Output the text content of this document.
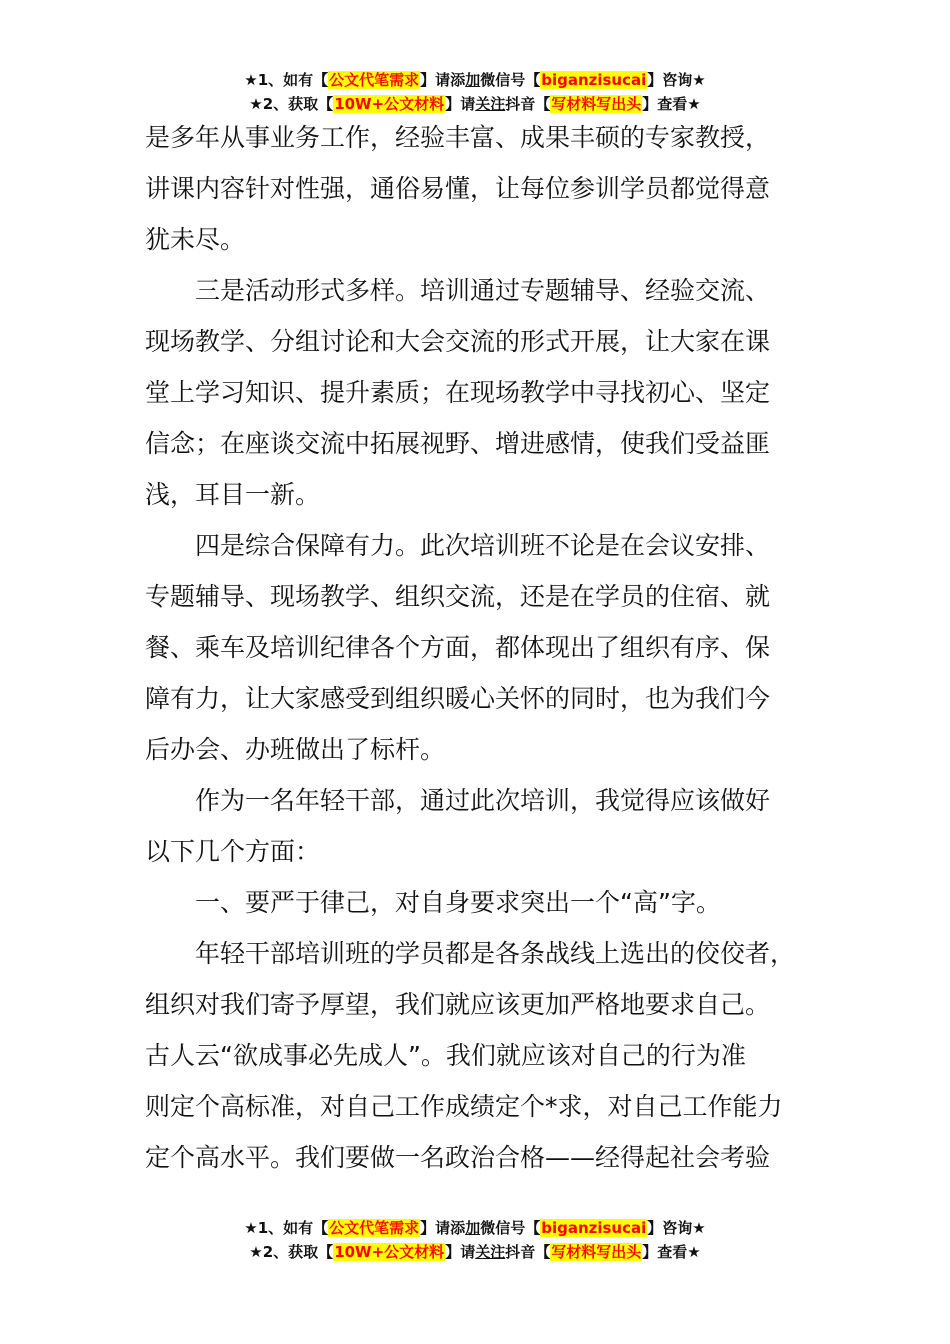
★1、如有【公文代笔需求】请添加微信号【biganzisucai】咨询★
★2、获取【10W+公文材料】请关注抖音【写材料写出头】查看★
是多年从事业务工作，经验丰富、成果丰硕的专家教授，
讲课内容针对性强，通俗易懂，让每位参训学员都觉得意
犹未尽。
三是活动形式多样。培训通过专题辅导、经验交流、
现场教学、分组讨论和大会交流的形式开展，让大家在课
堂上学习知识、提升素质；在现场教学中寻找初心、坚定
信念；在座谈交流中拓展视野、增进感情，使我们受益匪
浅，耳目一新。
四是综合保障有力。此次培训班不论是在会议安排、
专题辅导、现场教学、组织交流，还是在学员的住宿、就
餐、乘车及培训纪律各个方面，都体现出了组织有序、保
障有力，让大家感受到组织暖心关怀的同时，也为我们今
后办会、办班做出了标杆。
作为一名年轻干部，通过此次培训，我觉得应该做好
以下几个方面：
一、要严于律己，对自身要求突出一个“高”字。
年轻干部培训班的学员都是各条战线上选出的佼佼者，
组织对我们寄予厚望，我们就应该更加严格地要求自己。
古人云“欲成事必先成人”。我们就应该对自己的行为准
则定个高标准，对自己工作成绩定个*求，对自己工作能力
定个高水平。我们要做一名政治合格——经得起社会考验
★1、如有【公文代笔需求】请添加微信号【biganzisucai】咨询★
★2、获取【10W+公文材料】请关注抖音【写材料写出头】查看★
